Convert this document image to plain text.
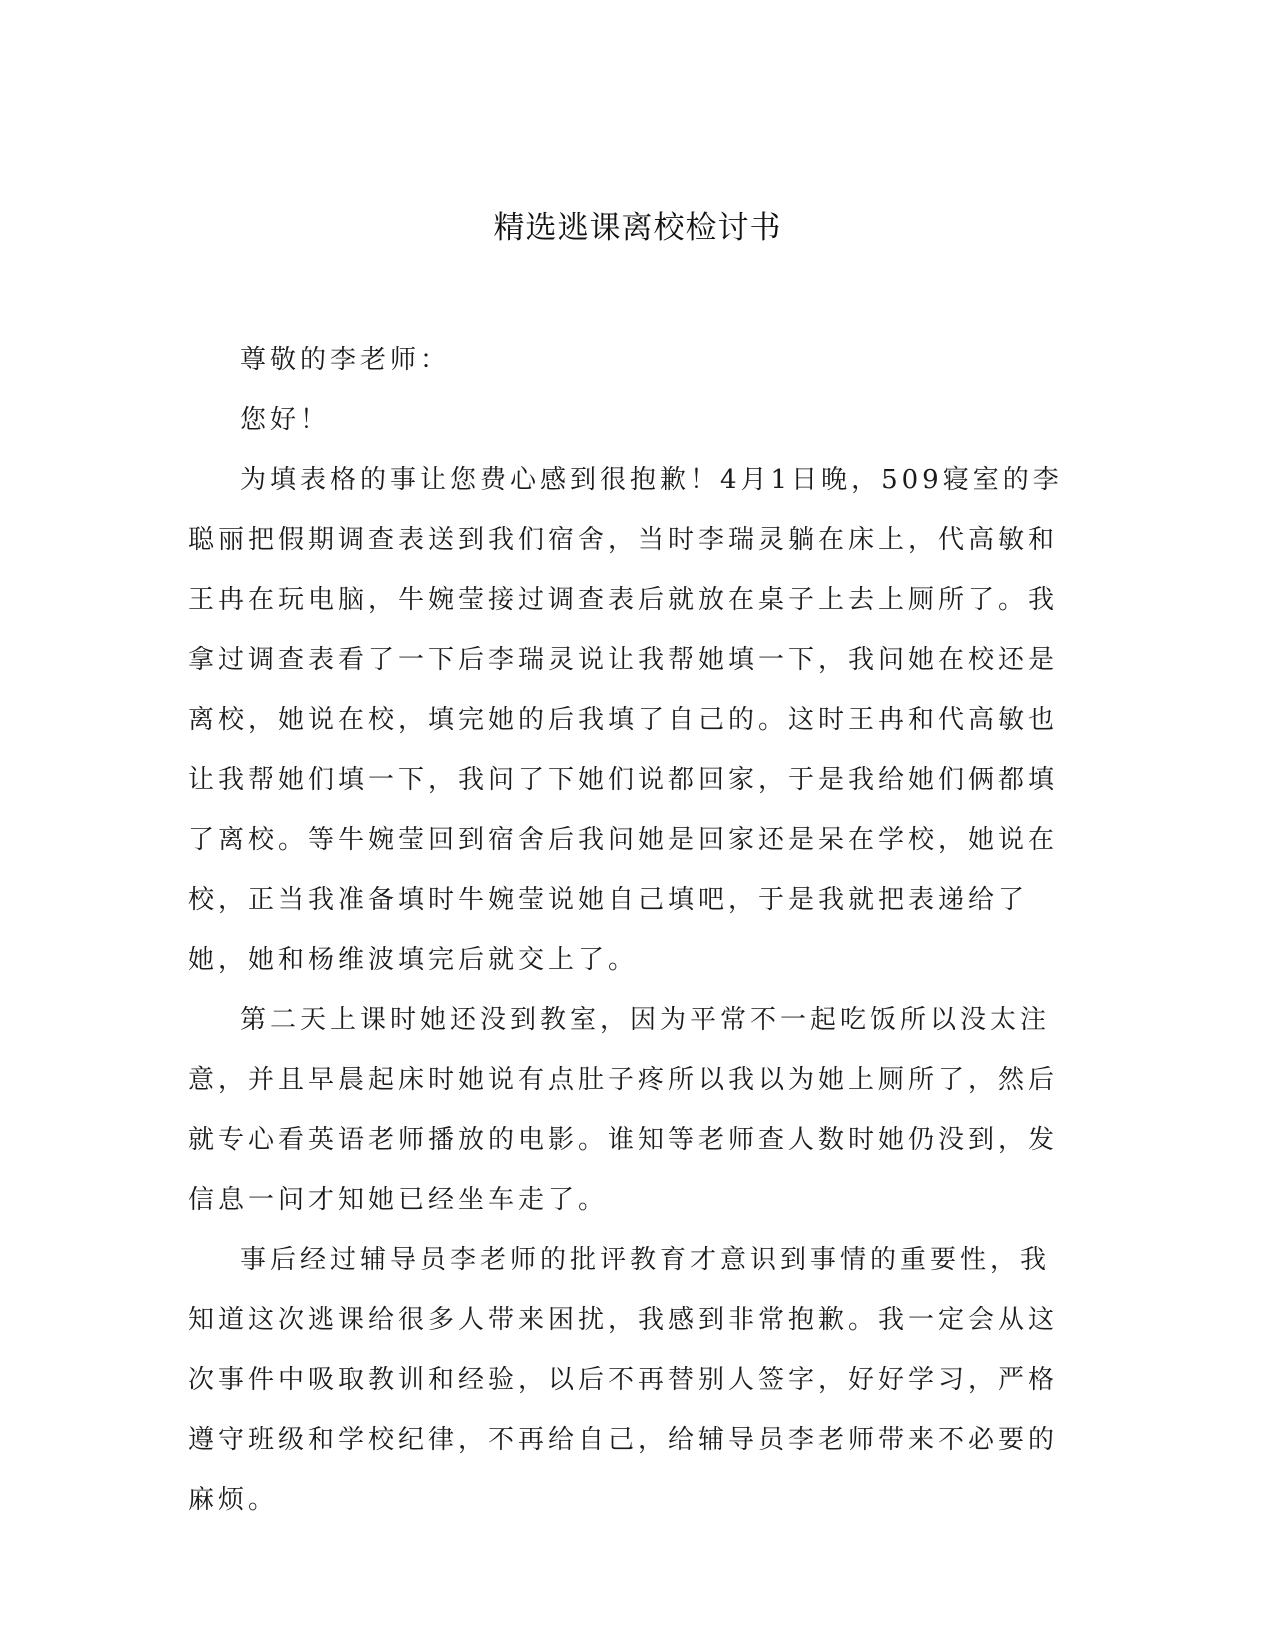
精选逃课离校检讨书

尊敬的李老师：

您好！

为填表格的事让您费心感到很抱歉！4月1日晚，509寝室的李聪丽把假期调查表送到我们宿舍，当时李瑞灵躺在床上，代高敏和王冉在玩电脑，牛婉莹接过调查表后就放在桌子上去上厕所了。我拿过调查表看了一下后李瑞灵说让我帮她填一下，我问她在校还是离校，她说在校，填完她的后我填了自己的。这时王冉和代高敏也让我帮她们填一下，我问了下她们说都回家，于是我给她们俩都填了离校。等牛婉莹回到宿舍后我问她是回家还是呆在学校，她说在校，正当我准备填时牛婉莹说她自己填吧，于是我就把表递给了她，她和杨维波填完后就交上了。

第二天上课时她还没到教室，因为平常不一起吃饭所以没太注意，并且早晨起床时她说有点肚子疼所以我以为她上厕所了，然后就专心看英语老师播放的电影。谁知等老师查人数时她仍没到，发信息一问才知她已经坐车走了。

事后经过辅导员李老师的批评教育才意识到事情的重要性，我知道这次逃课给很多人带来困扰，我感到非常抱歉。我一定会从这次事件中吸取教训和经验，以后不再替别人签字，好好学习，严格遵守班级和学校纪律，不再给自己，给辅导员李老师带来不必要的麻烦。
